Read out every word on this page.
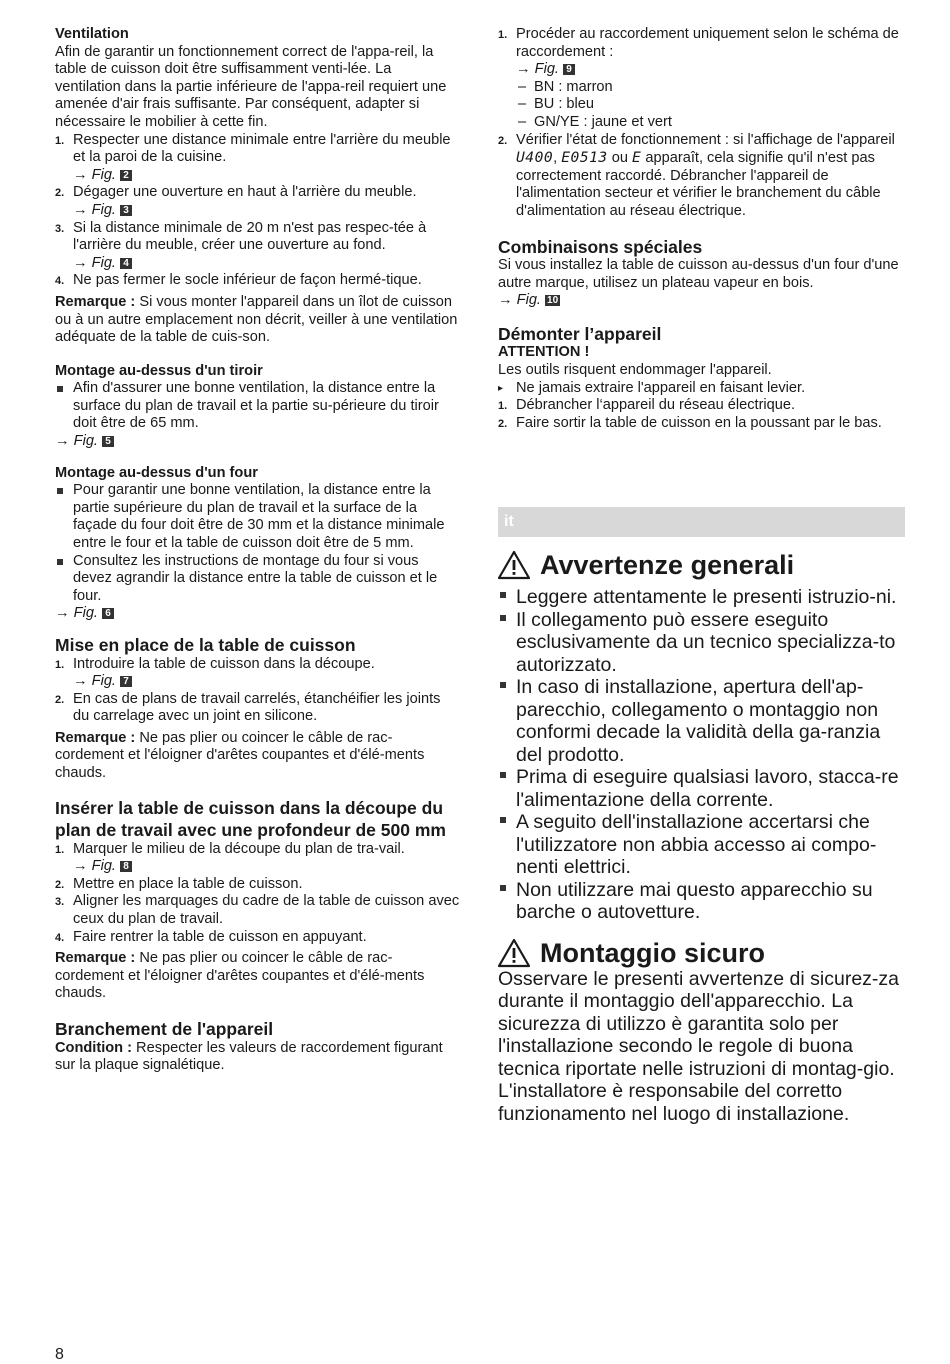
Ventilation

Afin de garantir un fonctionnement correct de l'appa-reil, la table de cuisson doit être suffisamment venti-lée. La ventilation dans la partie inférieure de l'appa-reil requiert une amenée d'air frais suffisante. Par conséquent, adapter si nécessaire le mobilier à cette fin.

1. Respecter une distance minimale entre l'arrière du meuble et la paroi de la cuisine.
→ Fig. 2
2. Dégager une ouverture en haut à l'arrière du meuble.
→ Fig. 3
3. Si la distance minimale de 20 m n'est pas respec-tée à l'arrière du meuble, créer une ouverture au fond.
→ Fig. 4
4. Ne pas fermer le socle inférieur de façon hermé-tique.

Remarque : Si vous monter l'appareil dans un îlot de cuisson ou à un autre emplacement non décrit, veiller à une ventilation adéquate de la table de cuis-son.

Montage au-dessus d'un tiroir

Afin d'assurer une bonne ventilation, la distance entre la surface du plan de travail et la partie su-périeure du tiroir doit être de 65 mm.
→ Fig. 5

Montage au-dessus d'un four

Pour garantir une bonne ventilation, la distance entre la partie supérieure du plan de travail et la surface de la façade du four doit être de 30 mm et la distance minimale entre le four et la table de cuisson doit être de 5 mm.
Consultez les instructions de montage du four si vous devez agrandir la distance entre la table de cuisson et le four.
→ Fig. 6

Mise en place de la table de cuisson

1. Introduire la table de cuisson dans la découpe.
→ Fig. 7
2. En cas de plans de travail carrelés, étanchéifier les joints du carrelage avec un joint en silicone.

Remarque : Ne pas plier ou coincer le câble de rac-cordement et l'éloigner d'arêtes coupantes et d'élé-ments chauds.

Insérer la table de cuisson dans la découpe du plan de travail avec une profondeur de 500 mm

1. Marquer le milieu de la découpe du plan de tra-vail.
→ Fig. 8
2. Mettre en place la table de cuisson.
3. Aligner les marquages du cadre de la table de cuisson avec ceux du plan de travail.
4. Faire rentrer la table de cuisson en appuyant.

Remarque : Ne pas plier ou coincer le câble de rac-cordement et l'éloigner d'arêtes coupantes et d'élé-ments chauds.

Branchement de l'appareil

Condition : Respecter les valeurs de raccordement figurant sur la plaque signalétique.

1. Procéder au raccordement uniquement selon le schéma de raccordement :
→ Fig. 9
– BN : marron
– BU : bleu
– GN/YE : jaune et vert
2. Vérifier l'état de fonctionnement : si l'affichage de l'appareil U400, E0513 ou E apparaît, cela signifie qu'il n'est pas correctement raccordé. Débrancher l'appareil de l'alimentation secteur et vérifier le branchement du câble d'alimentation au réseau électrique.

Combinaisons spéciales

Si vous installez la table de cuisson au-dessus d'un four d'une autre marque, utilisez un plateau vapeur en bois.

→ Fig. 10

Démonter l’appareil

ATTENTION !

Les outils risquent endommager l'appareil.

▸ Ne jamais extraire l'appareil en faisant levier.
1. Débrancher l‘appareil du réseau électrique.
2. Faire sortir la table de cuisson en la poussant par le bas.
it
Avvertenze generali
Leggere attentamente le presenti istruzio-ni.
Il collegamento può essere eseguito esclusivamente da un tecnico specializza-to autorizzato.
In caso di installazione, apertura dell'ap-parecchio, collegamento o montaggio non conformi decade la validità della ga-ranzia del prodotto.
Prima di eseguire qualsiasi lavoro, stacca-re l'alimentazione della corrente.
A seguito dell'installazione accertarsi che l'utilizzatore non abbia accesso ai compo-nenti elettrici.
Non utilizzare mai questo apparecchio su barche o autovetture.
Montaggio sicuro

Osservare le presenti avvertenze di sicurez-za durante il montaggio dell'apparecchio. La sicurezza di utilizzo è garantita solo per l'installazione secondo le regole di buona tecnica riportate nelle istruzioni di montag-gio. L'installatore è responsabile del corretto funzionamento nel luogo di installazione.

8
